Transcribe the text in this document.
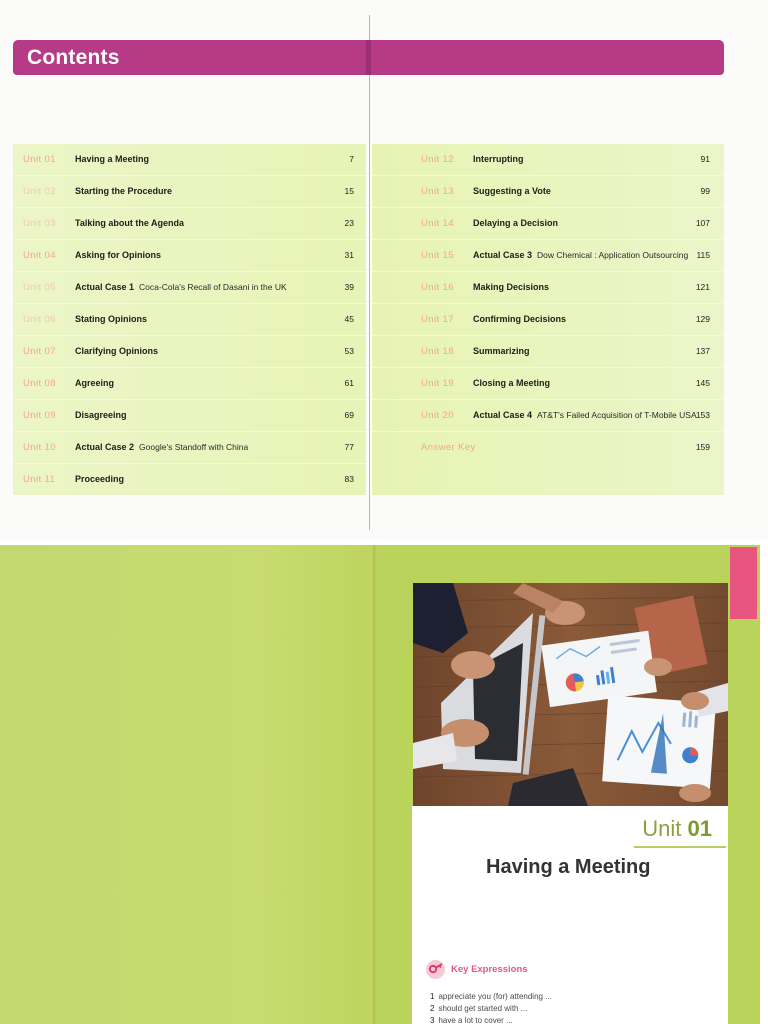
Contents
Unit 01 Having a Meeting	7
Unit 02 Starting the Procedure	15
Unit 03 Talking about the Agenda	23
Unit 04 Asking for Opinions	31
Unit 05 Actual Case 1 Coca-Cola's Recall of Dasani in the UK	39
Unit 06 Stating Opinions	45
Unit 07 Clarifying Opinions	53
Unit 08 Agreeing	61
Unit 09 Disagreeing	69
Unit 10 Actual Case 2 Google's Standoff with China	77
Unit 11 Proceeding	83
Unit 12 Interrupting	91
Unit 13 Suggesting a Vote	99
Unit 14 Delaying a Decision	107
Unit 15 Actual Case 3 Dow Chemical : Application Outsourcing 115
Unit 16 Making Decisions	121
Unit 17 Confirming Decisions	129
Unit 18 Summarizing	137
Unit 19 Closing a Meeting	145
Unit 20 Actual Case 4 AT&T's Failed Acquisition of T-Mobile USA 153
Answer Key	159
Unit 01
Having a Meeting
Key Expressions
1 appreciate you (for) attending ...
2 should get started with ...
3 have a lot to cover ...
